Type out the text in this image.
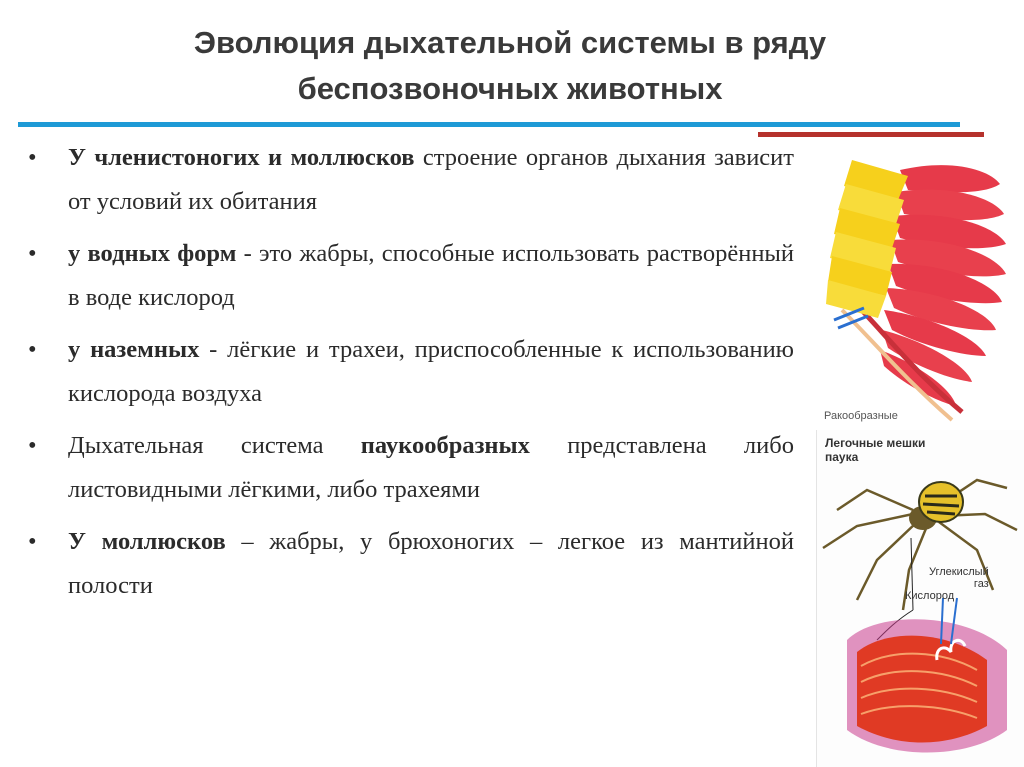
Эволюция дыхательной системы в ряду
беспозвоночных животных
• У членистоногих и моллюсков строение органов дыхания зависит от условий их обитания
• у водных форм - это жабры, способные использовать растворённый в воде кислород
• у наземных - лёгкие и трахеи, приспособленные к использованию кислорода воздуха
• Дыхательная система паукообразных представлена либо листовидными лёгкими, либо трахеями
• У моллюсков – жабры, у брюхоногих – легкое из мантийной полости
Ракообразные
Легочные мешки
паука
Углекислый
газ
Кислород
